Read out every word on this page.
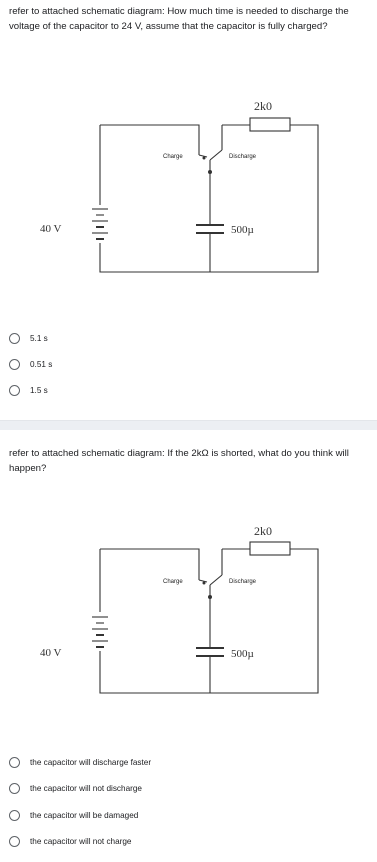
refer to attached schematic diagram: How much time is needed to discharge the voltage of the capacitor to 24 V, assume that the capacitor is fully charged?
2k0
Charge	Discharge
40 V	500µ
5.1 s
0.51 s
1.5 s
refer to attached schematic diagram: If the 2kΩ is shorted, what do you think will happen?
2k0
Charge	Discharge
40 V	500µ
the capacitor will discharge faster
the capacitor will not discharge
the capacitor will be damaged
the capacitor will not charge
